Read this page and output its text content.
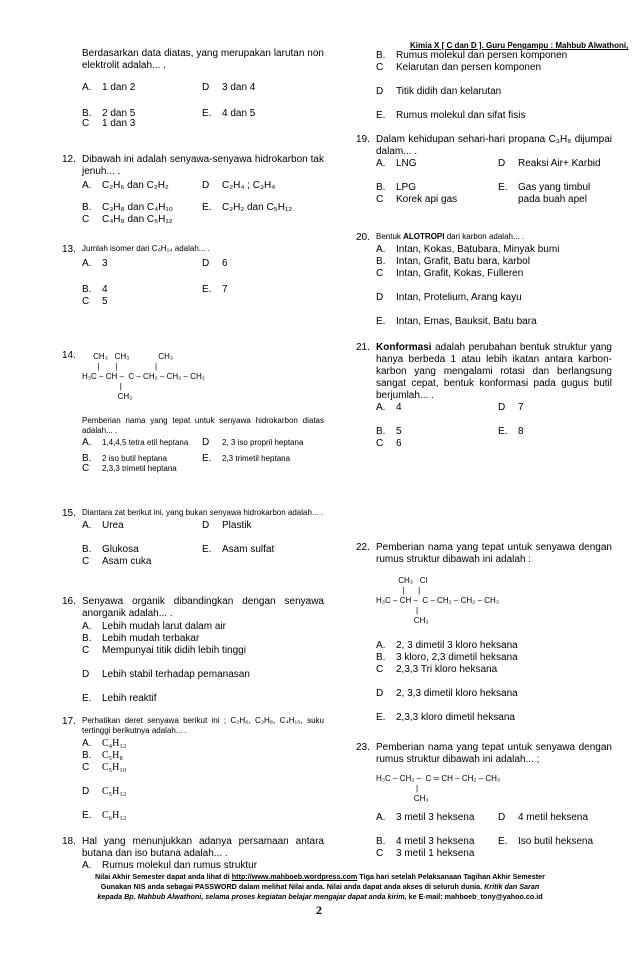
Kimia X [ C dan D ]. Guru Pengampu : Mahbub Alwathoni,
Berdasarkan data diatas, yang merupakan larutan non elektrolit adalah... .
A.	1 dan 2	D	3 dan 4
B.	2 dan 5	E.	4 dan 5
C	1 dan 3
12. Dibawah ini adalah senyawa-senyawa hidrokarbon tak jenuh... .
A.	C₂H₆ dan C₂H₂	D	C₂H₄ ; C₃H₄
B.	C₃H₈ dan C₄H₁₀	E.	C₂H₂ dan C₅H₁₂
C	C₄H₈ dan C₅H₁₂
13. Jumlah isomer dari C₆H₁₄ adalah... .
A.	3	D	6
B.	4	E.	7
C	5
14.	CH₃   CH₃             CH₃
|       |                 |
H₃C – CH –  C – CH₂ – CH₂ – CH₂
|
CH₃
Pemberian nama yang tepat untuk senyawa hidrokarbon diatas adalah... .
A.	1,4,4,5 tetra etil heptana	D	2, 3 iso propril heptana
B.	2 iso butil heptana	E.	2,3 trimetil heptana
C	2,3,3 trimetil heptana
15. Diantara zat berikut ini, yang bukan senyawa hidrokarbon adalah... .
A.	Urea	D	Plastik
B.	Glukosa	E.	Asam sulfat
C	Asam cuka
16. Senyawa organik dibandingkan dengan senyawa anorganik adalah... .
A.	Lebih mudah larut dalam air
B.	Lebih mudah terbakar
C	Mempunyai titik didih lebih tinggi
D	Lebih stabil terhadap pemanasan
E.	Lebih reaktif
17. Perhatikan deret senyawa berikut ini ; C₂H₆, C₃H₈, C₄H₁₀, suku tertinggi berikutnya adalah... .
A.	C₄H₁₂
B.	C₅H₈
C	C₅H₁₀
D	C₅H₁₂
E.	C₆H₁₂
18. Hal yang menunjukkan adanya persamaan antara butana dan iso butana adalah... .
A.	Rumus molekul dan rumus struktur
B.	Rumus molekul dan persen komponen
C	Kelarutan dan persen komponen
D	Titik didih dan kelarutan
E.	Rumus molekul dan sifat fisis
19. Dalam kehidupan sehari-hari propana C₃H₈ dijumpai dalam... .
A.	LNG	D	Reaksi Air+ Karbid
B.	LPG	E.	Gas yang timbul pada buah apel
C	Korek api gas
20. Bentuk ALOTROPI dari karbon adalah... .
A.	Intan, Kokas, Batubara, Minyak bumi
B.	Intan, Grafit, Batu bara, karbol
C	Intan, Grafit, Kokas, Fulleren
D	Intan, Protelium, Arang kayu
E.	Intan, Emas, Bauksit, Batu bara
21. Konformasi adalah perubahan bentuk struktur yang hanya berbeda 1 atau lebih ikatan antara karbon-karbon yang mengalami rotasi dan berlangsung sangat cepat, bentuk konformasi pada gugus butil berjumlah... .
A.	4	D	7
B.	5	E.	8
C	6
22. Pemberian nama yang tepat untuk senyawa dengan rumus struktur dibawah ini adalah :
CH₃   Cl
|      |
H₃C – CH –  C – CH₂ – CH₂ – CH₃
|
CH₃
A.	2, 3 dimetil 3 kloro heksana
B.	3 kloro, 2,3 dimetil heksana
C	2,3,3 Tri kloro heksana
D	2, 3,3 dimetil kloro heksana
E.	2,3,3 kloro dimetil heksana
23. Pemberian nama yang tepat untuk senyawa dengan rumus struktur dibawah ini adalah... ;
H₃C – CH₂ –  C ═ CH – CH₂ – CH₃
|
CH₃
A.	3 metil 3 heksena	D	4 metil heksena
B.	4 metil 3 heksena	E.	Iso butil heksena
C	3 metil 1 heksena
Nilai Akhir Semester dapat anda lihat di http://www.mahboeb.wordpress.com Tiga hari setelah Pelaksanaan Tagihan Akhir Semester
Gunakan NIS anda sebagai PASSWORD dalam melihat Nilai anda. Nilai anda dapat anda akses di seluruh dunia. Kritik dan Saran
kepada Bp. Mahbub Alwathoni, selama proses kegiatan belajar mengajar dapat anda kirim, ke E-mail: mahboeb_tony@yahoo.co.id
2
